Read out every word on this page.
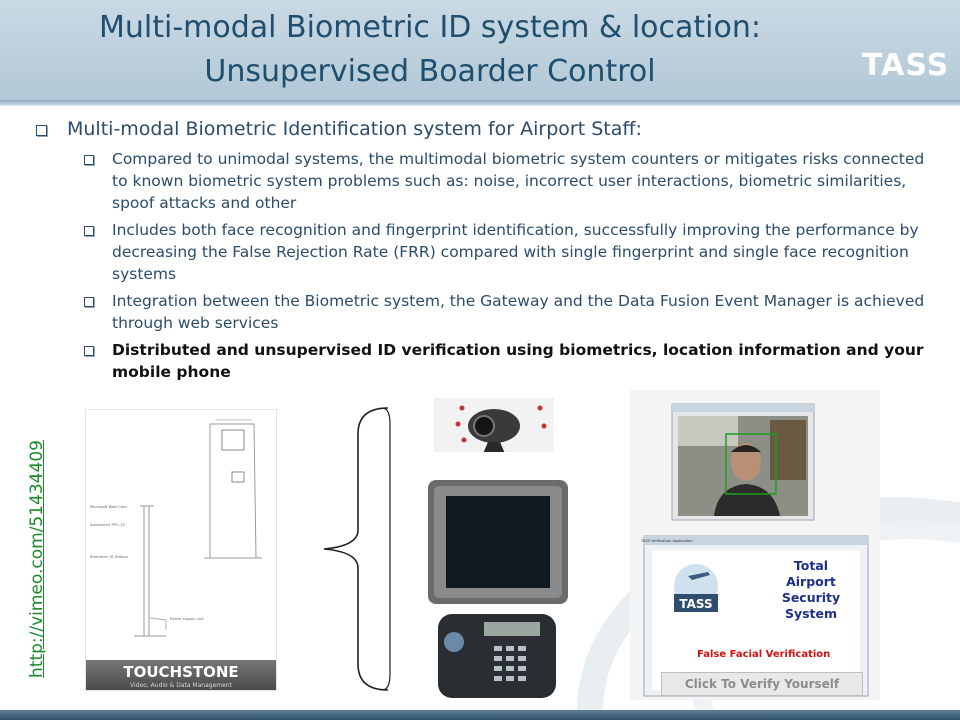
Multi-modal Biometric ID system & location:
Unsupervised Boarder Control	TASS
Multi-modal Biometric Identification system for Airport Staff:
Compared to unimodal systems, the multimodal biometric system counters or mitigates risks connected to known biometric system problems such as: noise, incorrect user interactions, biometric similarities, spoof attacks and other
Includes both face recognition and fingerprint identification, successfully improving the performance by decreasing the False Rejection Rate (FRR) compared with single fingerprint and single face recognition systems
Integration between the Biometric system, the Gateway and the Data Fusion Event Manager is achieved through web services
Distributed and unsupervised ID verification using biometrics, location information and your mobile phone
http://vimeo.com/51434409	Microsoft Web Cam
Advantech PPC-15
Biometric ID Station
Power supply unit
TOUCHSTONE
Video, Audio & Data Management
TASS Verification Application
TASS
Total
Airport
Security
System
False Facial Verification
Click To Verify Yourself
